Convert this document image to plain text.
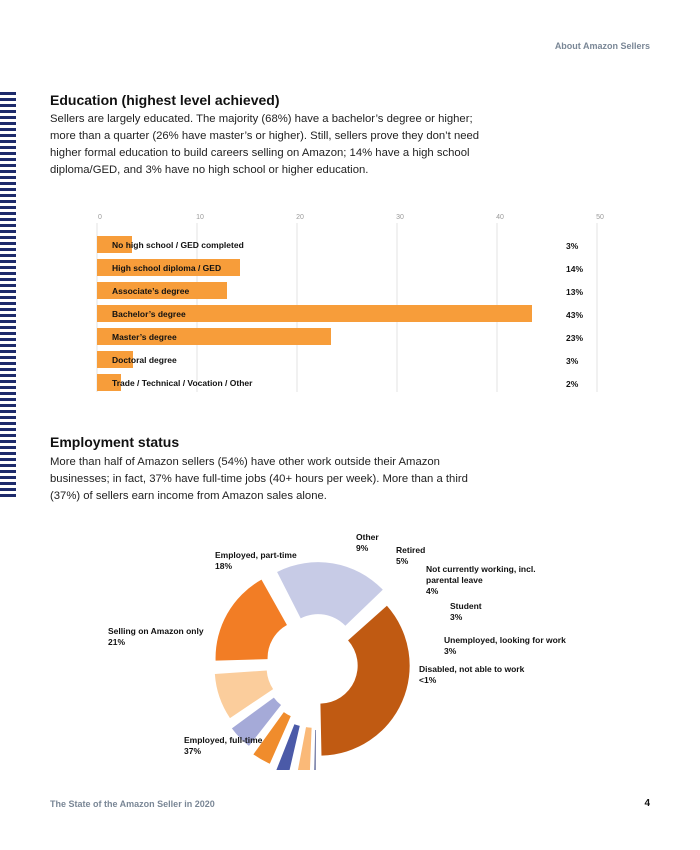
About Amazon Sellers
Education (highest level achieved)

Sellers are largely educated. The majority (68%) have a bachelor’s degree or higher; more than a quarter (26% have master’s or higher). Still, sellers prove they don’t need higher formal education to build careers selling on Amazon; 14% have a high school diploma/GED, and 3% have no high school or higher education.

0	10	20	30	40	50
No high school / GED completed	3%
High school diploma / GED	14%
Associate’s degree	13%
Bachelor’s degree	43%
Master’s degree	23%
Doctoral degree	3%
Trade / Technical / Vocation / Other	2%
Employment status

More than half of Amazon sellers (54%) have other work outside their Amazon businesses; in fact, 37% have full-time jobs (40+ hours per week). More than a third (37%) of sellers earn income from Amazon sales alone.

Employed, full-time 37%
Selling on Amazon only 21%
Employed, part-time 18%
Other 9%	Retired 5%
Not currently working, incl. parental leave 4%
Student 3%
Unemployed, looking for work 3%
Disabled, not able to work <1%
The State of the Amazon Seller in 2020	4
